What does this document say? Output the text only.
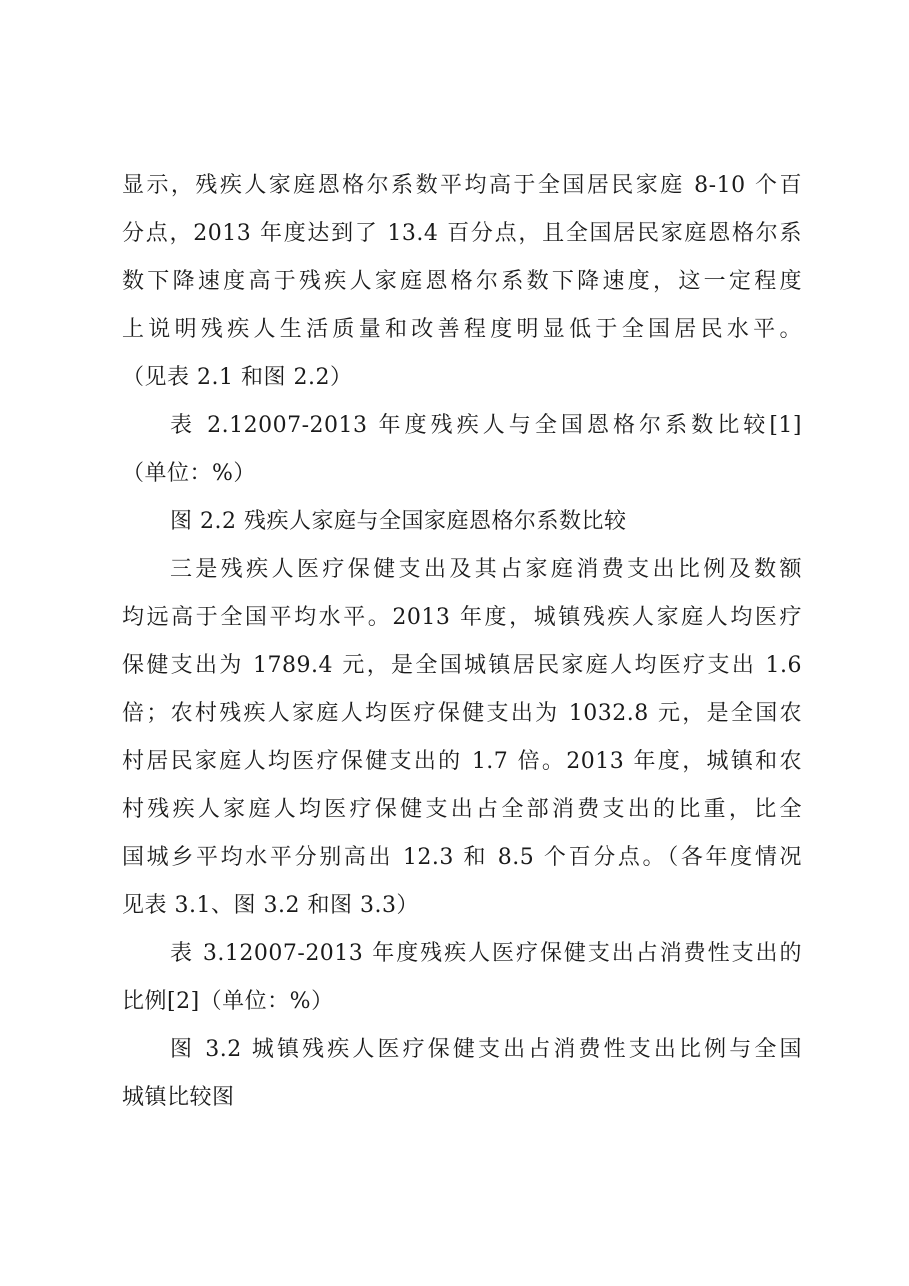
显示，残疾人家庭恩格尔系数平均高于全国居民家庭 8-10 个百
分点，2013 年度达到了 13.4 百分点，且全国居民家庭恩格尔系
数下降速度高于残疾人家庭恩格尔系数下降速度，这一定程度
上说明残疾人生活质量和改善程度明显低于全国居民水平。
（见表 2.1 和图 2.2）
表 2.12007-2013 年度残疾人与全国恩格尔系数比较[1]
（单位：%）
图 2.2 残疾人家庭与全国家庭恩格尔系数比较
三是残疾人医疗保健支出及其占家庭消费支出比例及数额
均远高于全国平均水平。2013 年度，城镇残疾人家庭人均医疗
保健支出为 1789.4 元，是全国城镇居民家庭人均医疗支出 1.6
倍；农村残疾人家庭人均医疗保健支出为 1032.8 元，是全国农
村居民家庭人均医疗保健支出的 1.7 倍。2013 年度，城镇和农
村残疾人家庭人均医疗保健支出占全部消费支出的比重，比全
国城乡平均水平分别高出 12.3 和 8.5 个百分点。（各年度情况
见表 3.1、图 3.2 和图 3.3）
表 3.12007-2013 年度残疾人医疗保健支出占消费性支出的
比例[2]（单位：%）
图 3.2 城镇残疾人医疗保健支出占消费性支出比例与全国
城镇比较图
